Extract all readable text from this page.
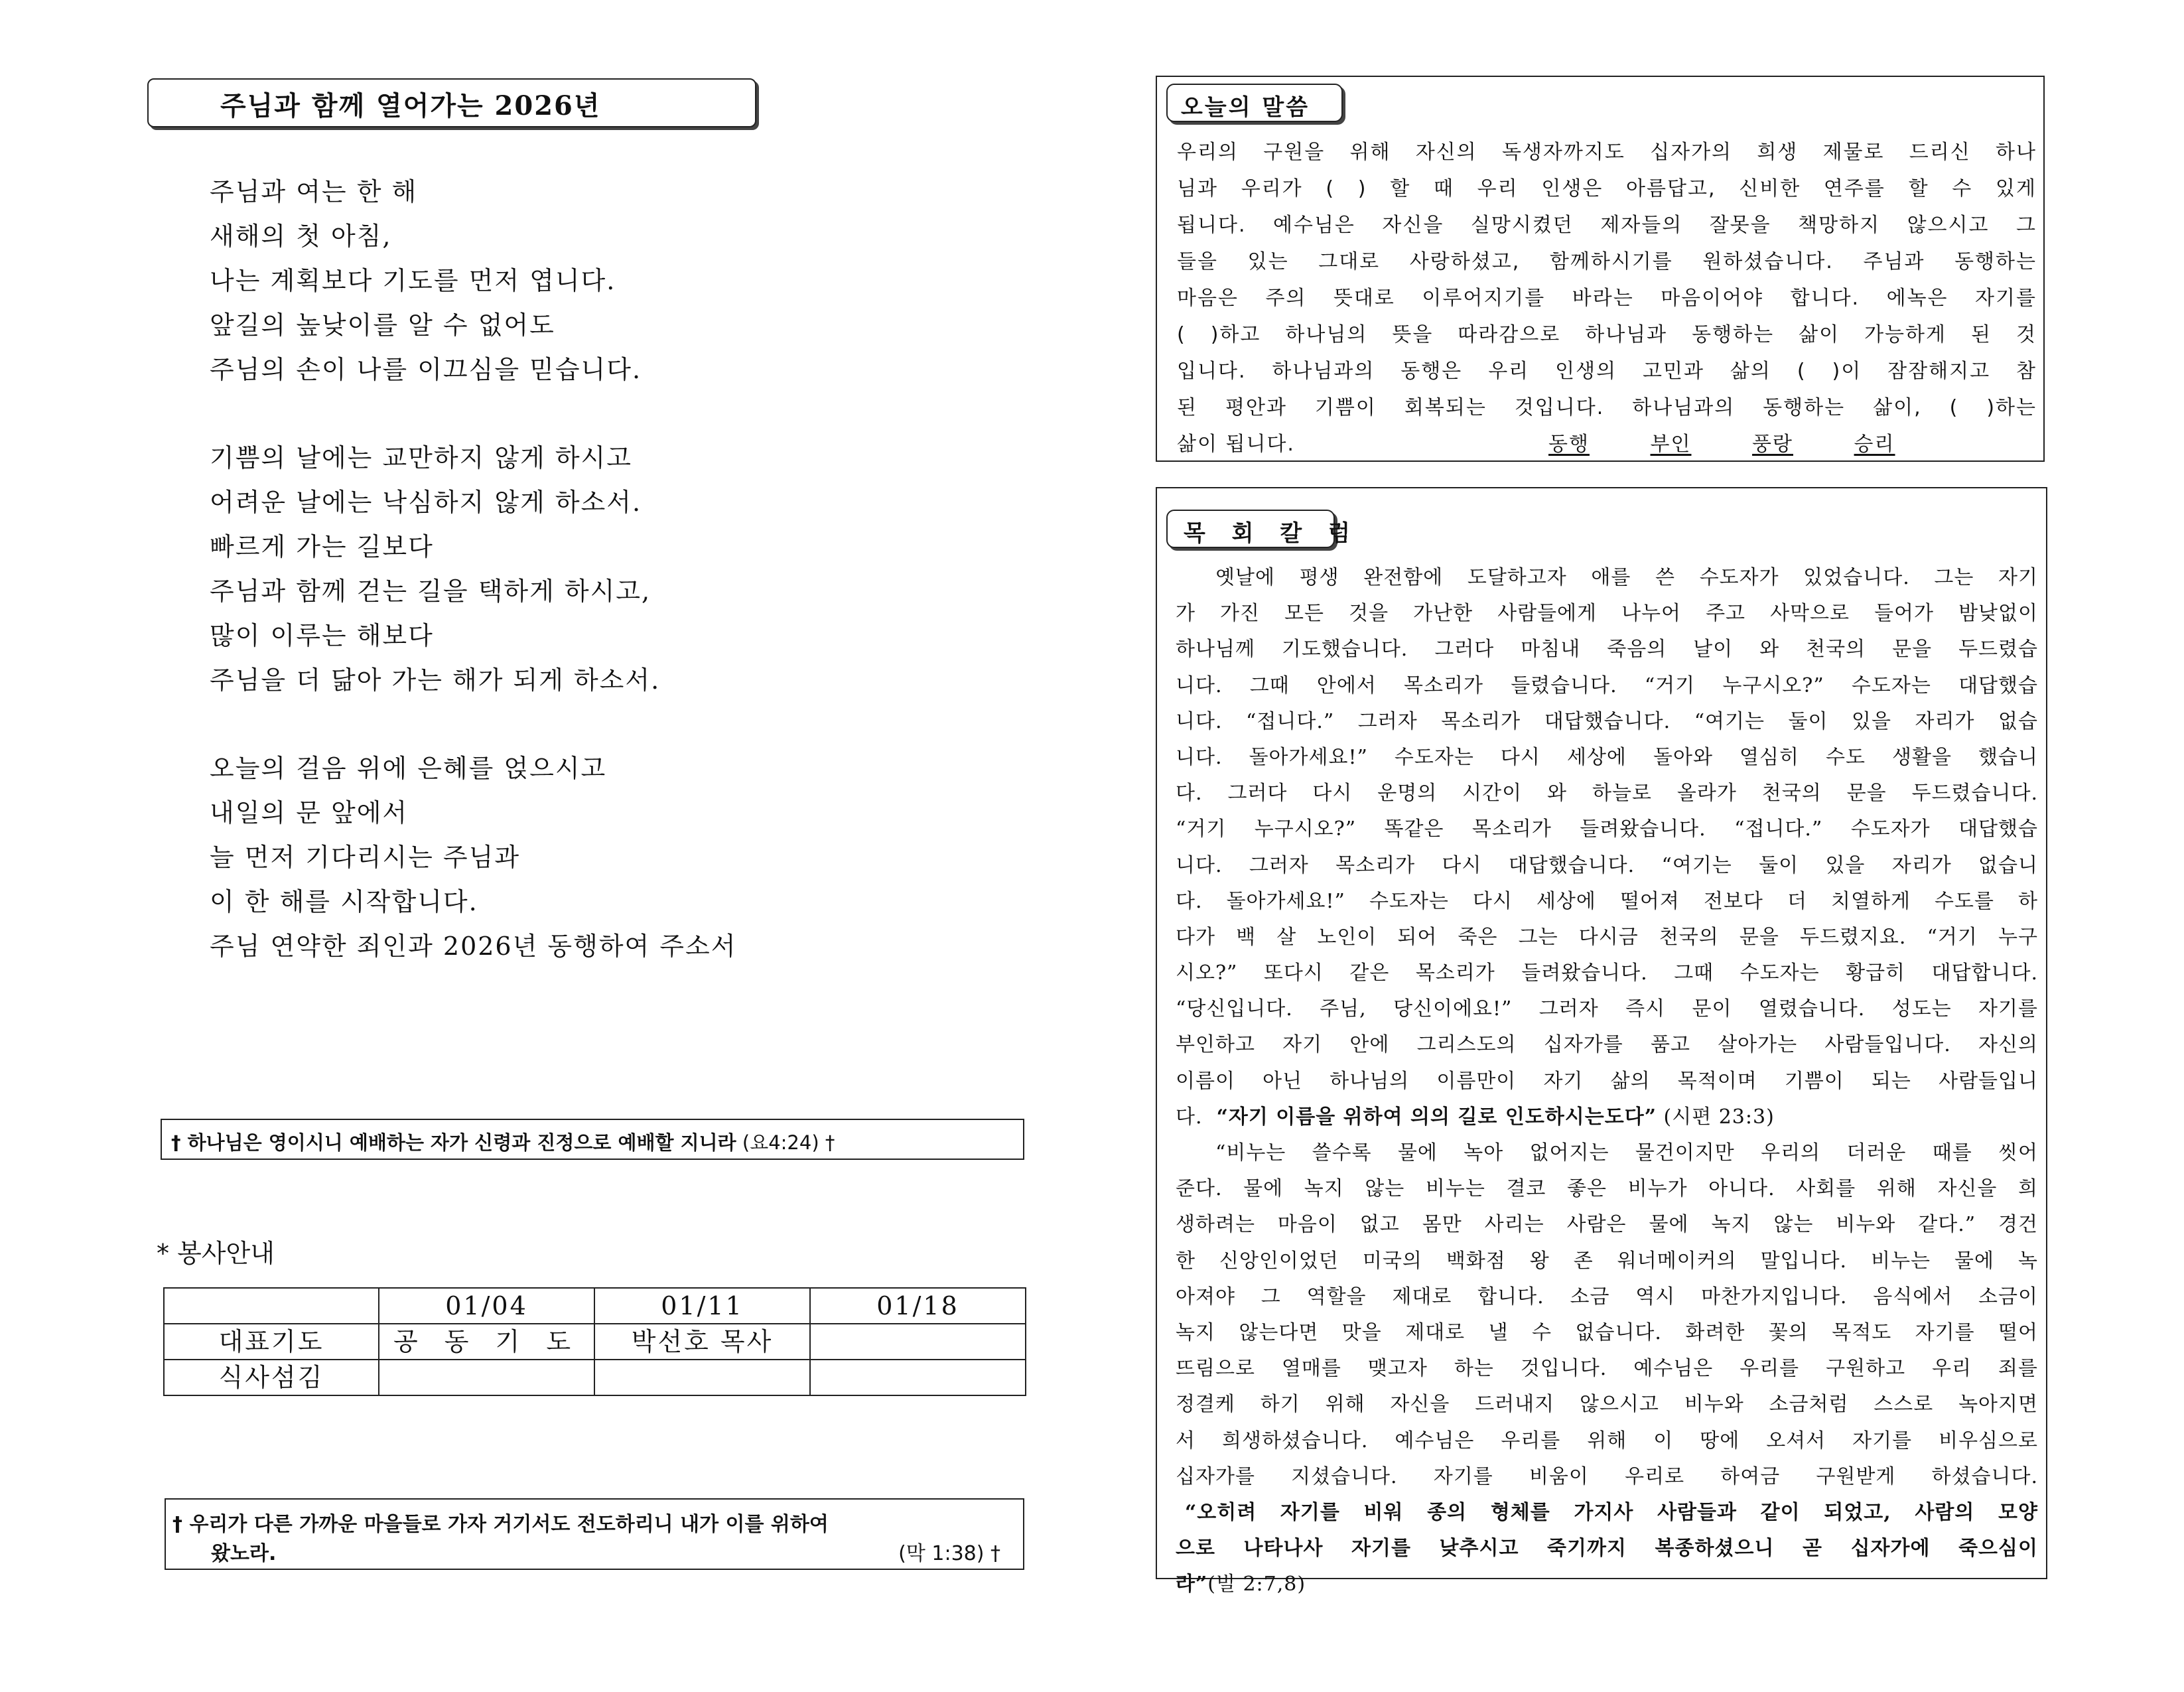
주님과 함께 열어가는 2026년
주님과 여는 한 해
새해의 첫 아침,
나는 계획보다 기도를 먼저 엽니다.
앞길의 높낮이를 알 수 없어도
주님의 손이 나를 이끄심을 믿습니다.
기쁨의 날에는 교만하지 않게 하시고
어려운 날에는 낙심하지 않게 하소서.
빠르게 가는 길보다
주님과 함께 걷는 길을 택하게 하시고,
많이 이루는 해보다
주님을 더 닮아 가는 해가 되게 하소서.
오늘의 걸음 위에 은혜를 얹으시고
내일의 문 앞에서
늘 먼저 기다리시는 주님과
이 한 해를 시작합니다.
주님 연약한 죄인과 2026년 동행하여 주소서
† 하나님은 영이시니 예배하는 자가 신령과 진정으로 예배할 지니라 (요4:24) †
* 봉사안내
	01/04	01/11	01/18
대표기도	공 동 기 도	박선호 목사	
식사섬김			
† 우리가 다른 가까운 마을들로 가자 거기서도 전도하리니 내가 이를 위하여
왔노라.	(막 1:38) †
오늘의 말씀
우리의 구원을 위해 자신의 독생자까지도 십자가의 희생 제물로 드리신 하나
님과 우리가 ( ) 할 때 우리 인생은 아름답고, 신비한 연주를 할 수 있게
됩니다. 예수님은 자신을 실망시켰던 제자들의 잘못을 책망하지 않으시고 그
들을 있는 그대로 사랑하셨고, 함께하시기를 원하셨습니다. 주님과 동행하는
마음은 주의 뜻대로 이루어지기를 바라는 마음이어야 합니다. 에녹은 자기를
( )하고 하나님의 뜻을 따라감으로 하나님과 동행하는 삶이 가능하게 된 것
입니다. 하나님과의 동행은 우리 인생의 고민과 삶의 ( )이 잠잠해지고 참
된 평안과 기쁨이 회복되는 것입니다. 하나님과의 동행하는 삶이, ( )하는
삶이 됩니다.	동행	부인	풍랑	승리
목 회 칼 럼
옛날에 평생 완전함에 도달하고자 애를 쓴 수도자가 있었습니다. 그는 자기
가 가진 모든 것을 가난한 사람들에게 나누어 주고 사막으로 들어가 밤낮없이
하나님께 기도했습니다. 그러다 마침내 죽음의 날이 와 천국의 문을 두드렸습
니다. 그때 안에서 목소리가 들렸습니다. “거기 누구시오?” 수도자는 대답했습
니다. “접니다.” 그러자 목소리가 대답했습니다. “여기는 둘이 있을 자리가 없습
니다. 돌아가세요!” 수도자는 다시 세상에 돌아와 열심히 수도 생활을 했습니
다. 그러다 다시 운명의 시간이 와 하늘로 올라가 천국의 문을 두드렸습니다.
“거기 누구시오?” 똑같은 목소리가 들려왔습니다. “접니다.” 수도자가 대답했습
니다. 그러자 목소리가 다시 대답했습니다. “여기는 둘이 있을 자리가 없습니
다. 돌아가세요!” 수도자는 다시 세상에 떨어져 전보다 더 치열하게 수도를 하
다가 백 살 노인이 되어 죽은 그는 다시금 천국의 문을 두드렸지요. “거기 누구
시오?” 또다시 같은 목소리가 들려왔습니다. 그때 수도자는 황급히 대답합니다.
“당신입니다. 주님, 당신이에요!” 그러자 즉시 문이 열렸습니다. 성도는 자기를
부인하고 자기 안에 그리스도의 십자가를 품고 살아가는 사람들입니다. 자신의
이름이 아닌 하나님의 이름만이 자기 삶의 목적이며 기쁨이 되는 사람들입니
다. “자기 이름을 위하여 의의 길로 인도하시는도다” (시편 23:3)
“비누는 쓸수록 물에 녹아 없어지는 물건이지만 우리의 더러운 때를 씻어
준다. 물에 녹지 않는 비누는 결코 좋은 비누가 아니다. 사회를 위해 자신을 희
생하려는 마음이 없고 몸만 사리는 사람은 물에 녹지 않는 비누와 같다.” 경건
한 신앙인이었던 미국의 백화점 왕 존 워너메이커의 말입니다. 비누는 물에 녹
아져야 그 역할을 제대로 합니다. 소금 역시 마찬가지입니다. 음식에서 소금이
녹지 않는다면 맛을 제대로 낼 수 없습니다. 화려한 꽃의 목적도 자기를 떨어
뜨림으로 열매를 맺고자 하는 것입니다. 예수님은 우리를 구원하고 우리 죄를
정결케 하기 위해 자신을 드러내지 않으시고 비누와 소금처럼 스스로 녹아지면
서 희생하셨습니다. 예수님은 우리를 위해 이 땅에 오셔서 자기를 비우심으로
십자가를 지셨습니다. 자기를 비움이 우리로 하여금 구원받게 하셨습니다.
“오히려 자기를 비워 종의 형체를 가지사 사람들과 같이 되었고, 사람의 모양
으로 나타나사 자기를 낮추시고 죽기까지 복종하셨으니 곧 십자가에 죽으심이
라”(빌 2:7,8)
